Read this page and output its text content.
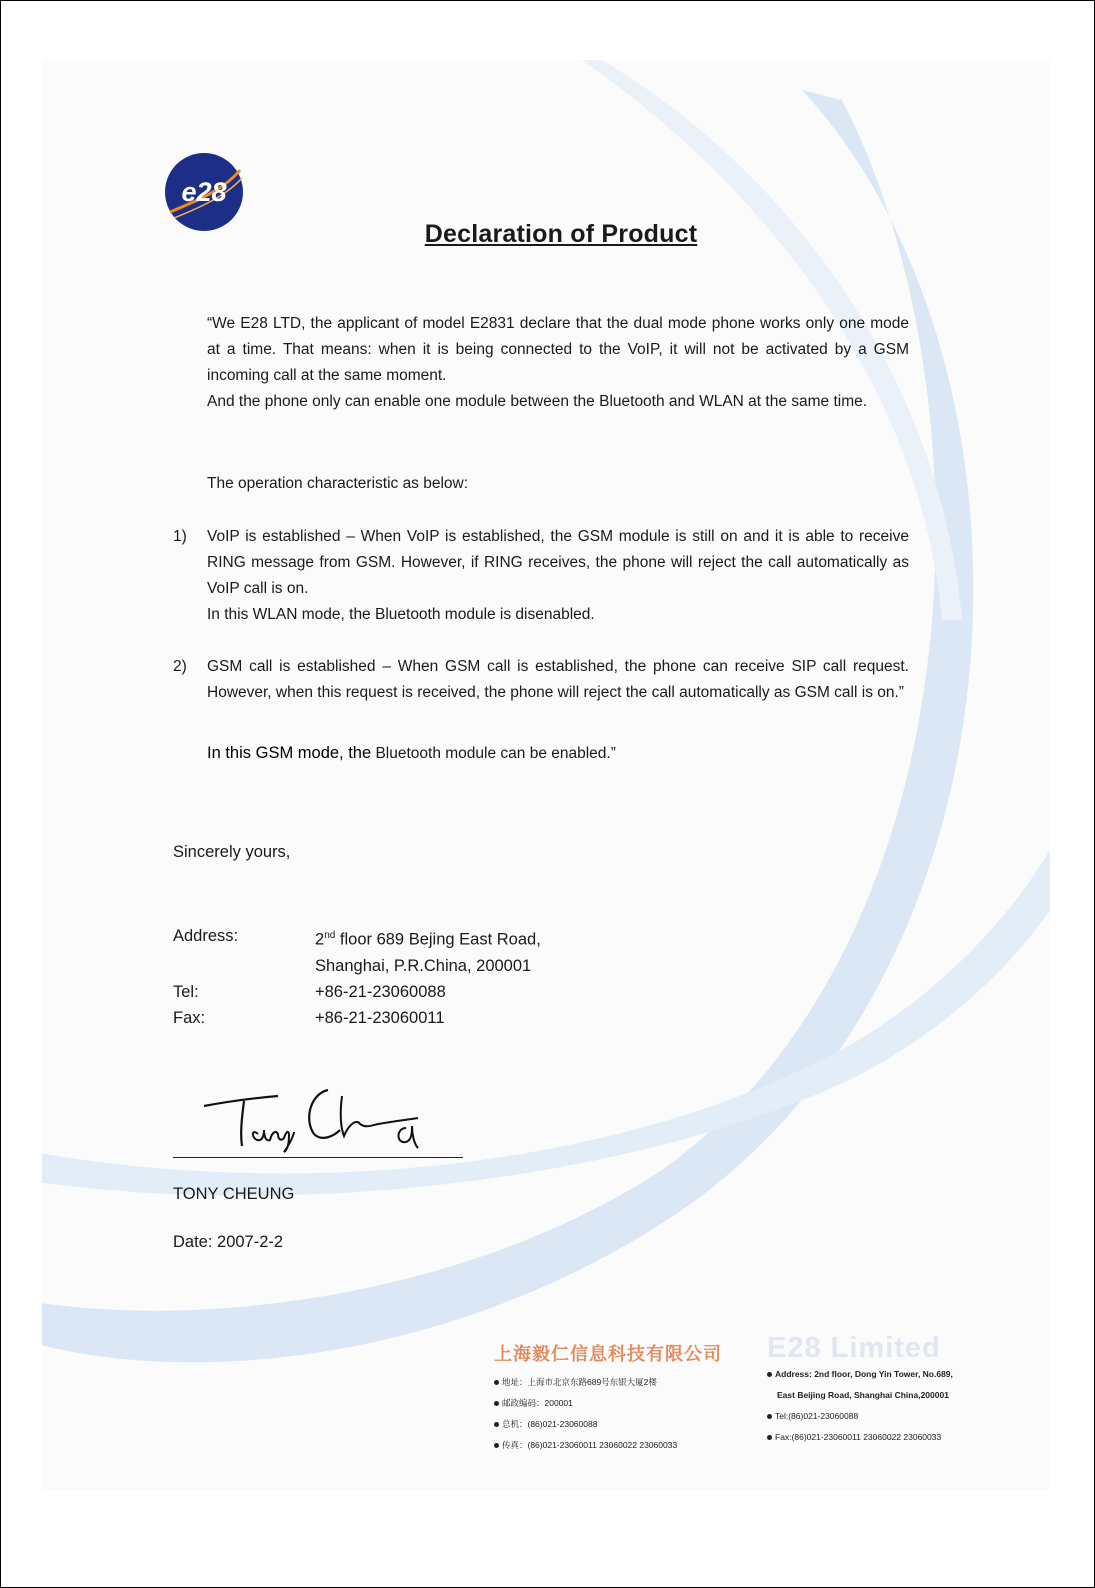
e28
Declaration of Product
“We E28 LTD, the applicant of model E2831 declare that the dual mode phone works only one mode at a time. That means: when it is being connected to the VoIP, it will not be activated by a GSM incoming call at the same moment.
And the phone only can enable one module between the Bluetooth and WLAN at the same time.
The operation characteristic as below:
1) VoIP is established – When VoIP is established, the GSM module is still on and it is able to receive RING message from GSM. However, if RING receives, the phone will reject the call automatically as VoIP call is on.
In this WLAN mode, the Bluetooth module is disenabled.
2) GSM call is established – When GSM call is established, the phone can receive SIP call request. However, when this request is received, the phone will reject the call automatically as GSM call is on.”
In this GSM mode, the Bluetooth module can be enabled.”
Sincerely yours,
Address:	2nd floor 689 Bejing East Road,
Shanghai, P.R.China, 200001
Tel:	+86-21-23060088
Fax:	+86-21-23060011
TONY CHEUNG
Date: 2007-2-2
上海毅仁信息科技有限公司
地址：上海市北京东路689号东银大厦2楼
邮政编码：200001
总机：(86)021-23060088
传真：(86)021-23060011 23060022 23060033
E28 Limited
Address: 2nd floor, Dong Yin Tower, No.689,
East Beijing Road, Shanghai China,200001
Tel:(86)021-23060088
Fax:(86)021-23060011 23060022 23060033
